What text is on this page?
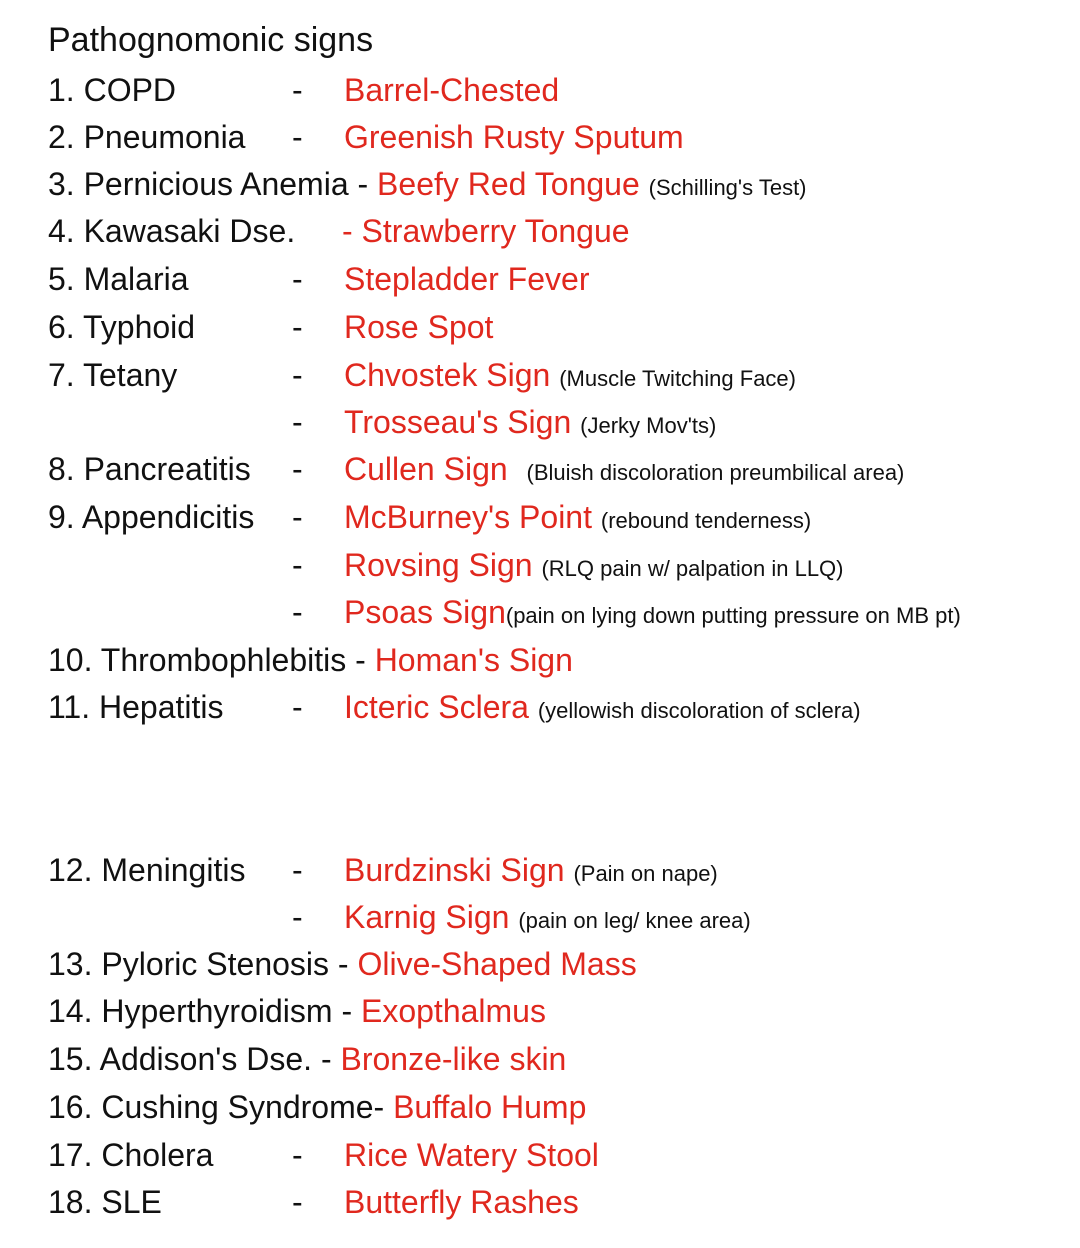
Pathognomonic signs
1. COPD	- Barrel-Chested
2. Pneumonia - Greenish Rusty Sputum
3. Pernicious Anemia - Beefy Red Tongue (Schilling's Test)
4. Kawasaki Dse. - Strawberry Tongue
5. Malaria	- Stepladder Fever
6. Typhoid	- Rose Spot
7. Tetany	- Chvostek Sign (Muscle Twitching Face)
- Trosseau's Sign (Jerky Mov'ts)
8. Pancreatitis - Cullen Sign (Bluish discoloration preumbilical area)
9. Appendicitis - McBurney's Point (rebound tenderness)
- Rovsing Sign (RLQ pain w/ palpation in LLQ)
- Psoas Sign(pain on lying down putting pressure on MB pt)
10. Thrombophlebitis - Homan's Sign
11. Hepatitis - Icteric Sclera (yellowish discoloration of sclera)
12. Meningitis - Burdzinski Sign (Pain on nape)
- Karnig Sign (pain on leg/ knee area)
13. Pyloric Stenosis - Olive-Shaped Mass
14. Hyperthyroidism - Exopthalmus
15. Addison's Dse. - Bronze-like skin
16. Cushing Syndrome- Buffalo Hump
17. Cholera - Rice Watery Stool
18. SLE	- Butterfly Rashes
